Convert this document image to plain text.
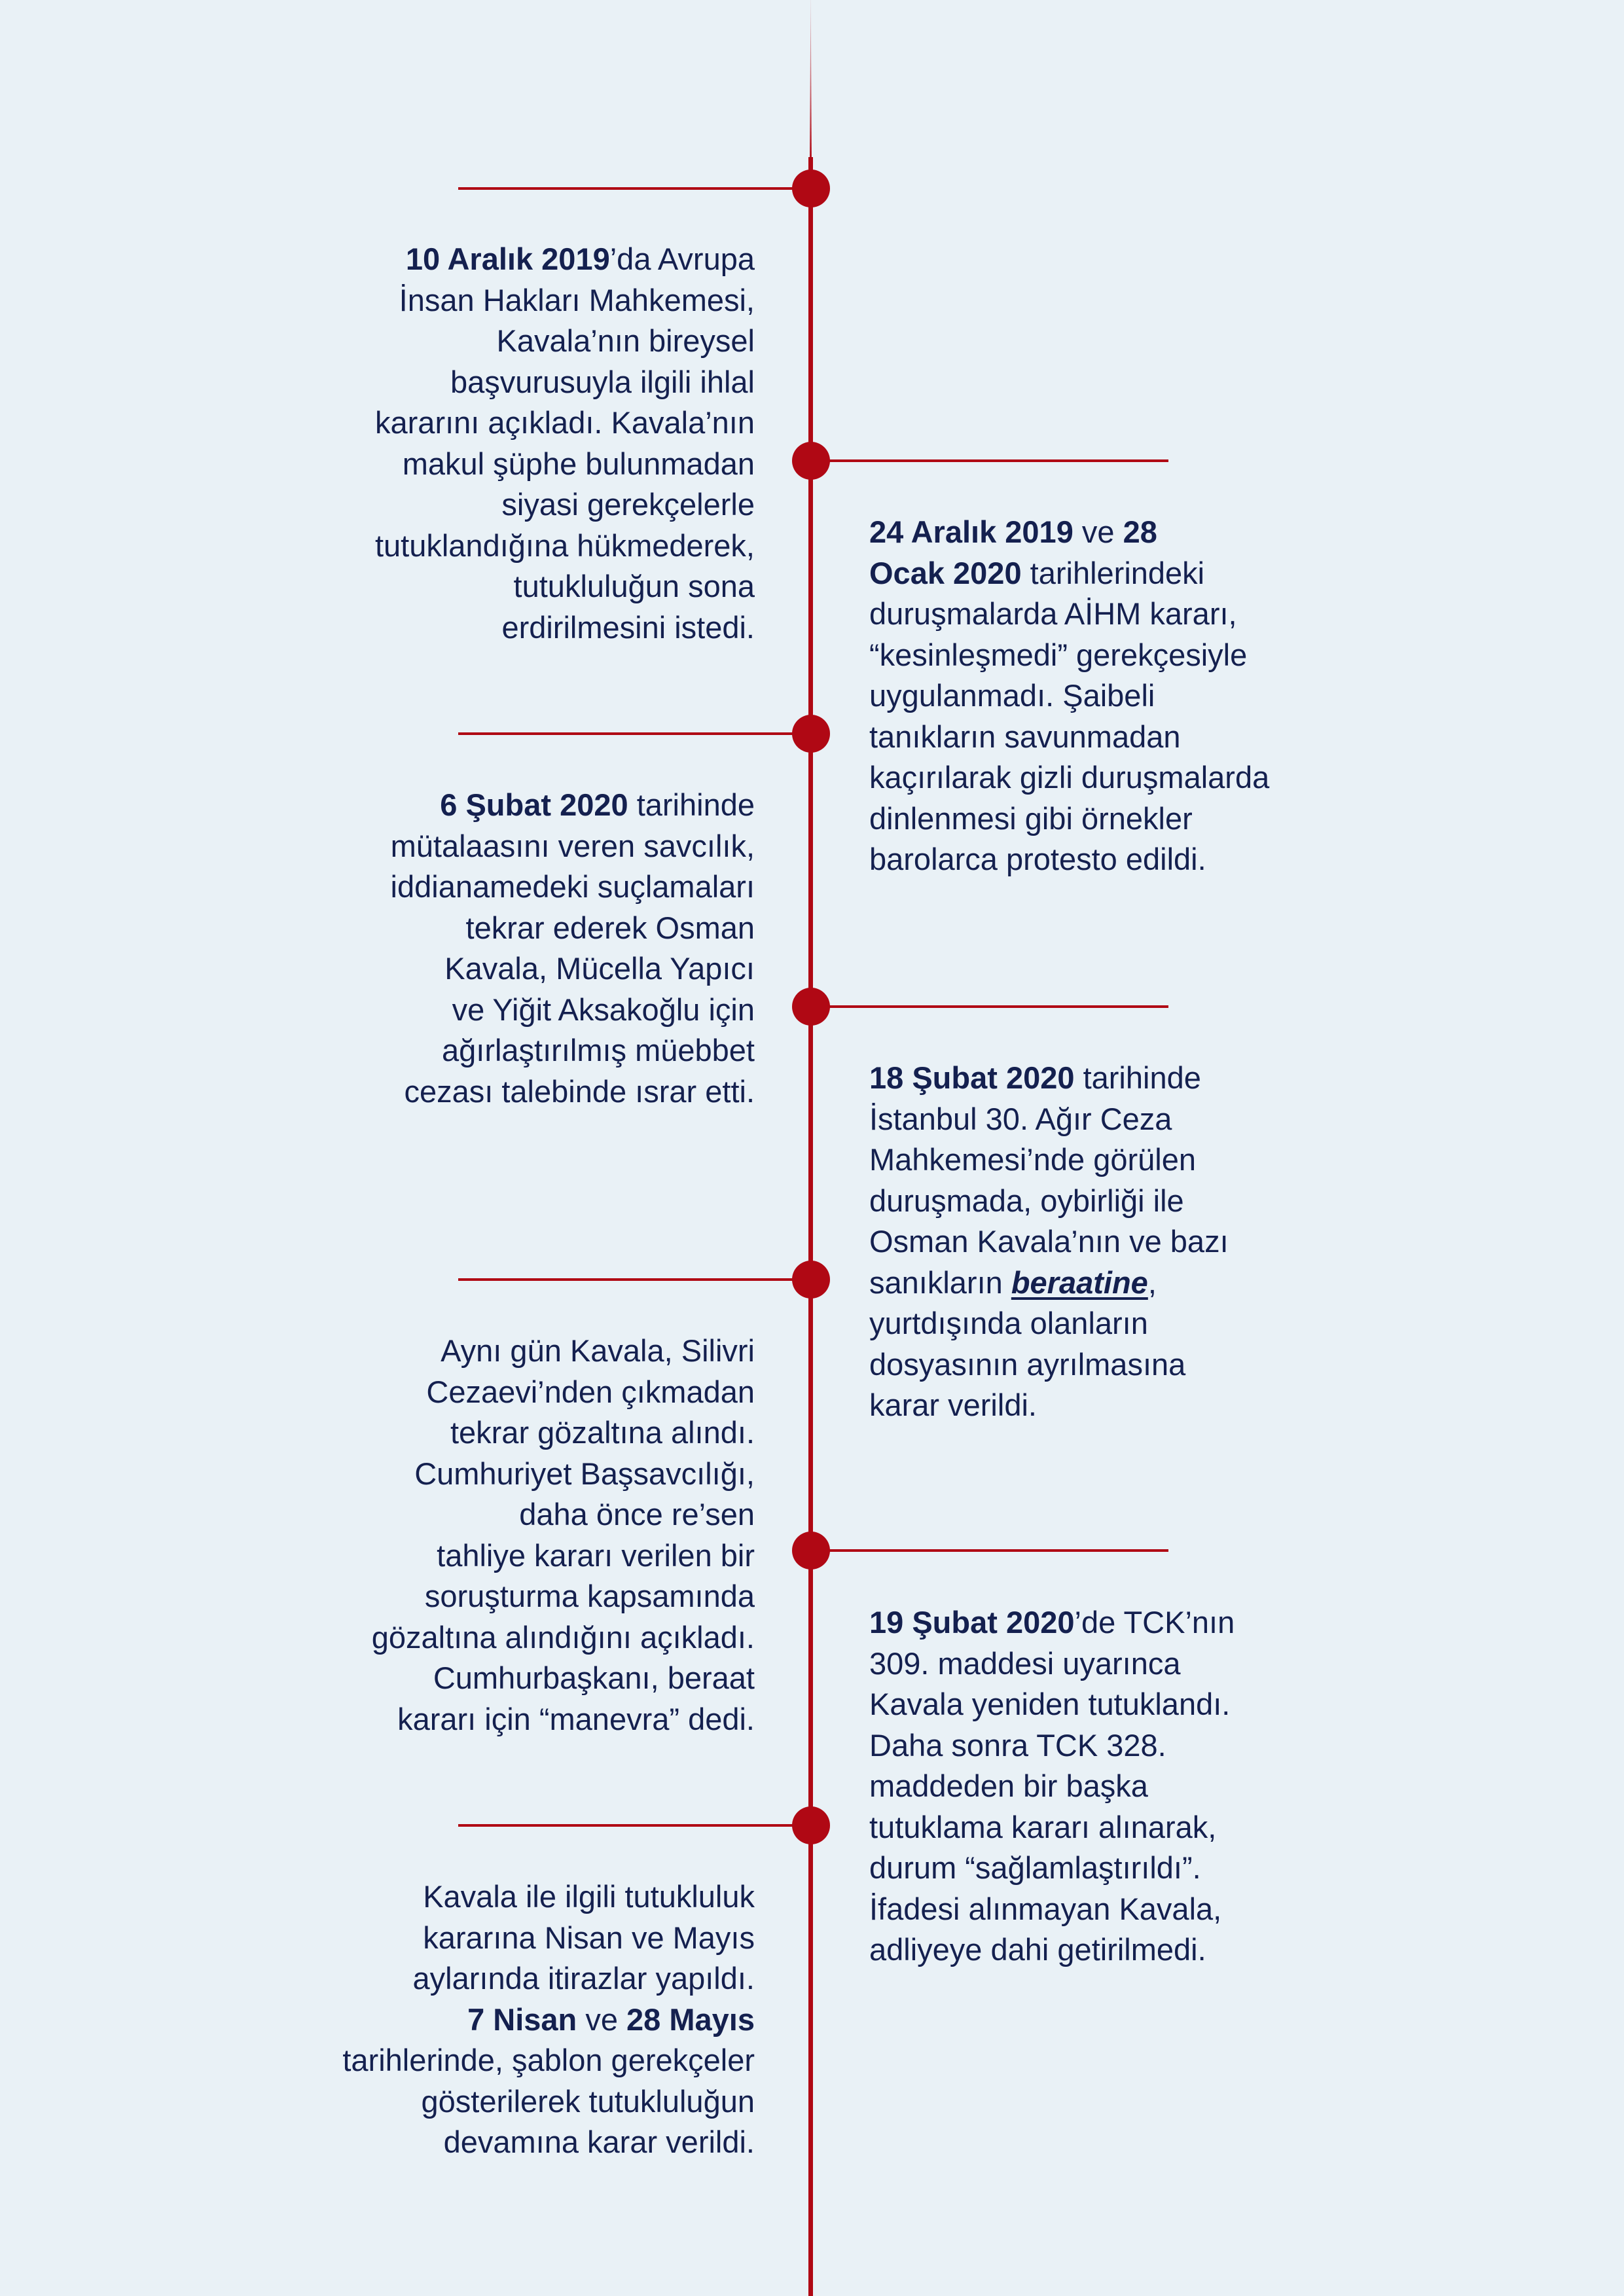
10 Aralık 2019’da Avrupa
İnsan Hakları Mahkemesi,
Kavala’nın bireysel
başvurusuyla ilgili ihlal
kararını açıkladı. Kavala’nın
makul şüphe bulunmadan
siyasi gerekçelerle
tutuklandığına hükmederek,
tutukluluğun sona
erdirilmesini istedi.

24 Aralık 2019 ve 28
Ocak 2020 tarihlerindeki
duruşmalarda AİHM kararı,
“kesinleşmedi” gerekçesiyle
uygulanmadı. Şaibeli
tanıkların savunmadan
kaçırılarak gizli duruşmalarda
dinlenmesi gibi örnekler
barolarca protesto edildi.

6 Şubat 2020 tarihinde
mütalaasını veren savcılık,
iddianamedeki suçlamaları
tekrar ederek Osman
Kavala, Mücella Yapıcı
ve Yiğit Aksakoğlu için
ağırlaştırılmış müebbet
cezası talebinde ısrar etti.	18 Şubat 2020 tarihinde
İstanbul 30. Ağır Ceza
Mahkemesi’nde görülen
duruşmada, oybirliği ile
Osman Kavala’nın ve bazı
sanıkların beraatine,
yurtdışında olanların
dosyasının ayrılmasına
karar verildi.

Aynı gün Kavala, Silivri
Cezaevi’nden çıkmadan
tekrar gözaltına alındı.
Cumhuriyet Başsavcılığı,
daha önce re’sen
tahliye kararı verilen bir
soruşturma kapsamında
gözaltına alındığını açıkladı.
Cumhurbaşkanı, beraat
kararı için “manevra” dedi.

19 Şubat 2020’de TCK’nın
309. maddesi uyarınca
Kavala yeniden tutuklandı.
Daha sonra TCK 328.
maddeden bir başka
tutuklama kararı alınarak,
durum “sağlamlaştırıldı”.
İfadesi alınmayan Kavala,
adliyeye dahi getirilmedi.

Kavala ile ilgili tutukluluk
kararına Nisan ve Mayıs
aylarında itirazlar yapıldı.
7 Nisan ve 28 Mayıs
tarihlerinde, şablon gerekçeler
gösterilerek tutukluluğun
devamına karar verildi.
